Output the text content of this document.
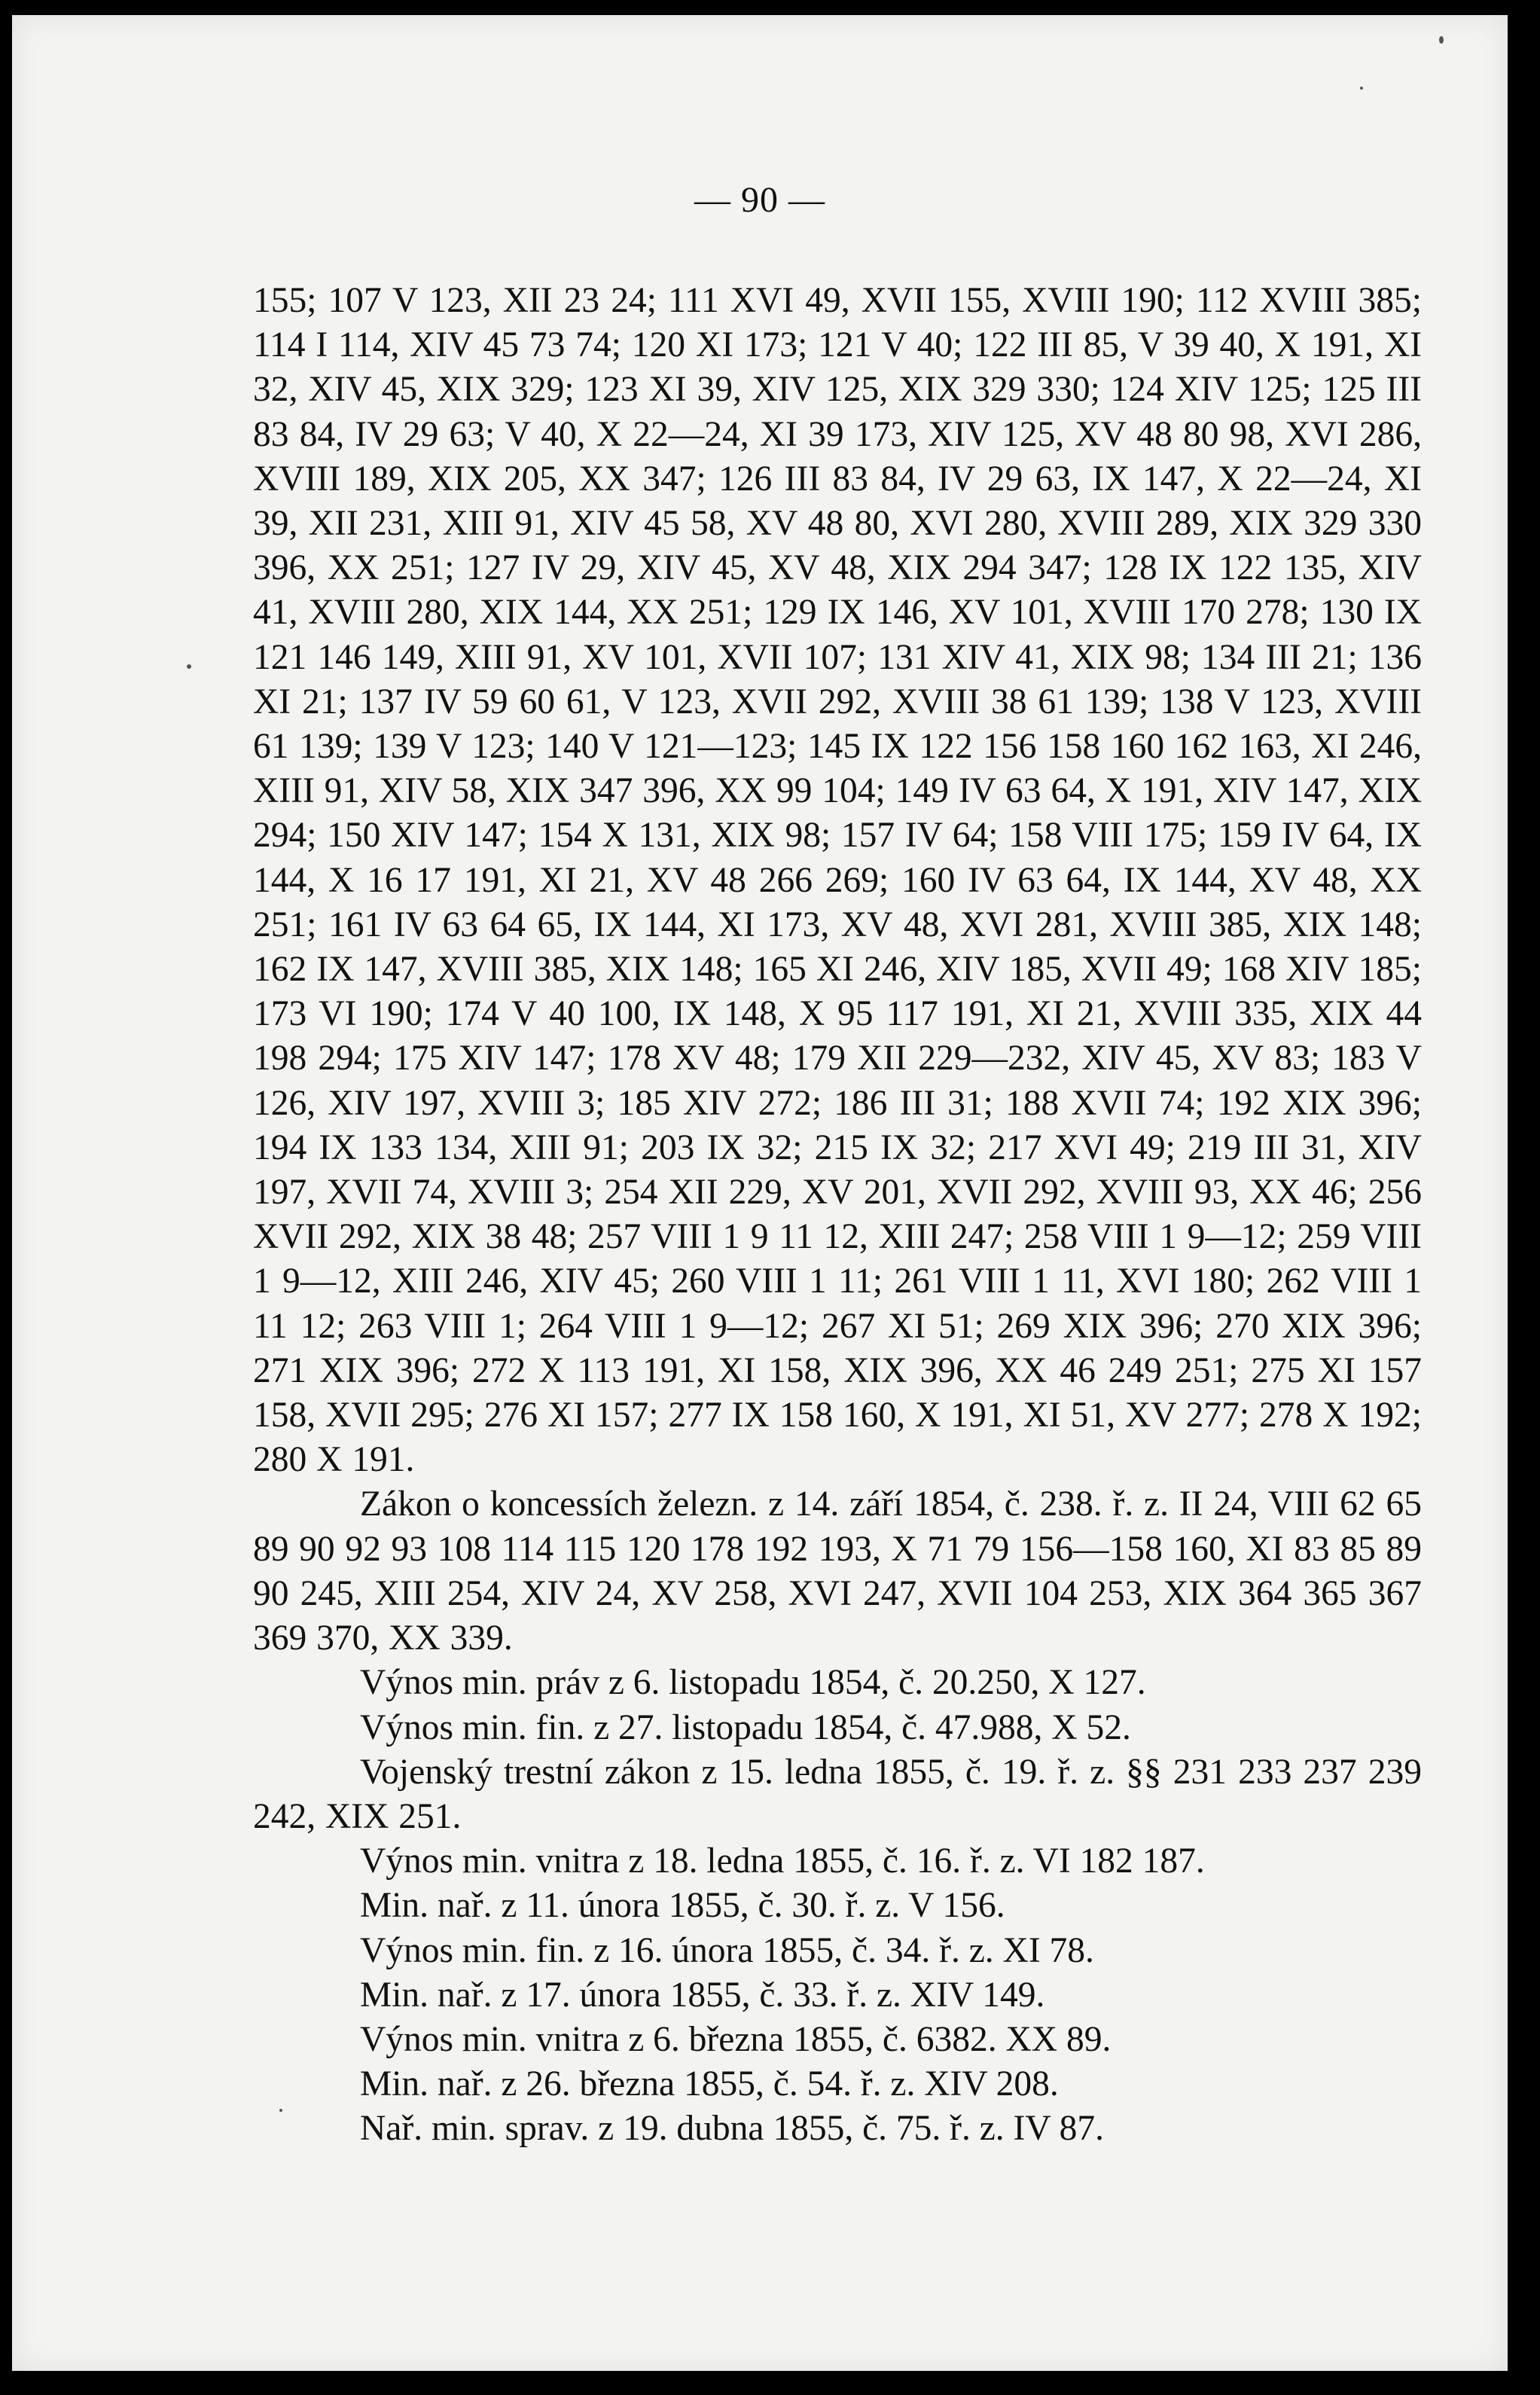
— 90 —

155; 107 V 123, XII 23 24; 111 XVI 49, XVII 155, XVIII 190; 112 XVIII 385; 114 I 114, XIV 45 73 74; 120 XI 173; 121 V 40; 122 III 85, V 39 40, X 191, XI 32, XIV 45, XIX 329; 123 XI 39, XIV 125, XIX 329 330; 124 XIV 125; 125 III 83 84, IV 29 63; V 40, X 22—24, XI 39 173, XIV 125, XV 48 80 98, XVI 286, XVIII 189, XIX 205, XX 347; 126 III 83 84, IV 29 63, IX 147, X 22—24, XI 39, XII 231, XIII 91, XIV 45 58, XV 48 80, XVI 280, XVIII 289, XIX 329 330 396, XX 251; 127 IV 29, XIV 45, XV 48, XIX 294 347; 128 IX 122 135, XIV 41, XVIII 280, XIX 144, XX 251; 129 IX 146, XV 101, XVIII 170 278; 130 IX 121 146 149, XIII 91, XV 101, XVII 107; 131 XIV 41, XIX 98; 134 III 21; 136 XI 21; 137 IV 59 60 61, V 123, XVII 292, XVIII 38 61 139; 138 V 123, XVIII 61 139; 139 V 123; 140 V 121—123; 145 IX 122 156 158 160 162 163, XI 246, XIII 91, XIV 58, XIX 347 396, XX 99 104; 149 IV 63 64, X 191, XIV 147, XIX 294; 150 XIV 147; 154 X 131, XIX 98; 157 IV 64; 158 VIII 175; 159 IV 64, IX 144, X 16 17 191, XI 21, XV 48 266 269; 160 IV 63 64, IX 144, XV 48, XX 251; 161 IV 63 64 65, IX 144, XI 173, XV 48, XVI 281, XVIII 385, XIX 148; 162 IX 147, XVIII 385, XIX 148; 165 XI 246, XIV 185, XVII 49; 168 XIV 185; 173 VI 190; 174 V 40 100, IX 148, X 95 117 191, XI 21, XVIII 335, XIX 44 198 294; 175 XIV 147; 178 XV 48; 179 XII 229—232, XIV 45, XV 83; 183 V 126, XIV 197, XVIII 3; 185 XIV 272; 186 III 31; 188 XVII 74; 192 XIX 396; 194 IX 133 134, XIII 91; 203 IX 32; 215 IX 32; 217 XVI 49; 219 III 31, XIV 197, XVII 74, XVIII 3; 254 XII 229, XV 201, XVII 292, XVIII 93, XX 46; 256 XVII 292, XIX 38 48; 257 VIII 1 9 11 12, XIII 247; 258 VIII 1 9—12; 259 VIII 1 9—12, XIII 246, XIV 45; 260 VIII 1 11; 261 VIII 1 11, XVI 180; 262 VIII 1 11 12; 263 VIII 1; 264 VIII 1 9—12; 267 XI 51; 269 XIX 396; 270 XIX 396; 271 XIX 396; 272 X 113 191, XI 158, XIX 396, XX 46 249 251; 275 XI 157 158, XVII 295; 276 XI 157; 277 IX 158 160, X 191, XI 51, XV 277; 278 X 192; 280 X 191.

Zákon o koncessích železn. z 14. září 1854, č. 238. ř. z. II 24, VIII 62 65 89 90 92 93 108 114 115 120 178 192 193, X 71 79 156—158 160, XI 83 85 89 90 245, XIII 254, XIV 24, XV 258, XVI 247, XVII 104 253, XIX 364 365 367 369 370, XX 339.

Výnos min. práv z 6. listopadu 1854, č. 20.250, X 127.

Výnos min. fin. z 27. listopadu 1854, č. 47.988, X 52.

Vojenský trestní zákon z 15. ledna 1855, č. 19. ř. z. §§ 231 233 237 239 242, XIX 251.

Výnos min. vnitra z 18. ledna 1855, č. 16. ř. z. VI 182 187.

Min. nař. z 11. února 1855, č. 30. ř. z. V 156.

Výnos min. fin. z 16. února 1855, č. 34. ř. z. XI 78.

Min. nař. z 17. února 1855, č. 33. ř. z. XIV 149.

Výnos min. vnitra z 6. března 1855, č. 6382. XX 89.

Min. nař. z 26. března 1855, č. 54. ř. z. XIV 208.

Nař. min. sprav. z 19. dubna 1855, č. 75. ř. z. IV 87.
